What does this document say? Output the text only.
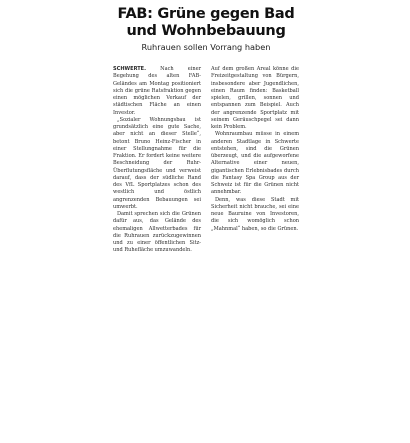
FAB: Grüne gegen Bad
und Wohnbebauung
Ruhrauen sollen Vorrang haben

SCHWERTE.	Nach einer Begehung des alten FAB-Geländes am Montag positioniert sich die grüne Ratsfraktion gegen einen möglichen Verkauf der städtischen Fläche an einen Investor.

„Sozialer Wohnungsbau ist grundsätzlich eine gute Sache, aber nicht an dieser Stelle“, betont Bruno Heinz-Fischer in einer Stellungnahme für die Fraktion. Er fordert keine weitere Beschneidung der Ruhr-Überflutungsfläche und verweist darauf, dass der südliche Rand des VfL Sportplatzes schon des westlich und östlich angrenzenden Bebauungen sei umwerbt.

Damit sprechen sich die Grünen dafür aus, das Gelände des ehemaligen Allwetterbades für die Ruhrauen zurückzugewinnen und zu einer öffentlichen Sitz- und Ruhefläche umzuwandeln.

Auf dem großen Areal könne die Freizeitgestaltung von Bürgern, insbesondere aber Jugendlichen, einen Raum finden: Basketball spielen, grillen, sonnen und entspannen zum Beispiel. Auch der angrenzende Sportplatz mit seinem Geräuschpegel sei dann kein Problem.

Wohnraumbau müsse in einem anderen Stadtlage in Schwerte entstehen, sind die Grünen überzeugt, und die aufgeworfene Alternative einer neuen, gigantischen Erlebnisbades durch die Fantasy Spa Group aus der Schweiz ist für die Grünen nicht annehmbar.

Denn, was diese Stadt mit Sicherheit nicht brauche, sei eine neue Bauruine von Investoren, die sich womöglich schon „Mahnmal“ haben, so die Grünen.
